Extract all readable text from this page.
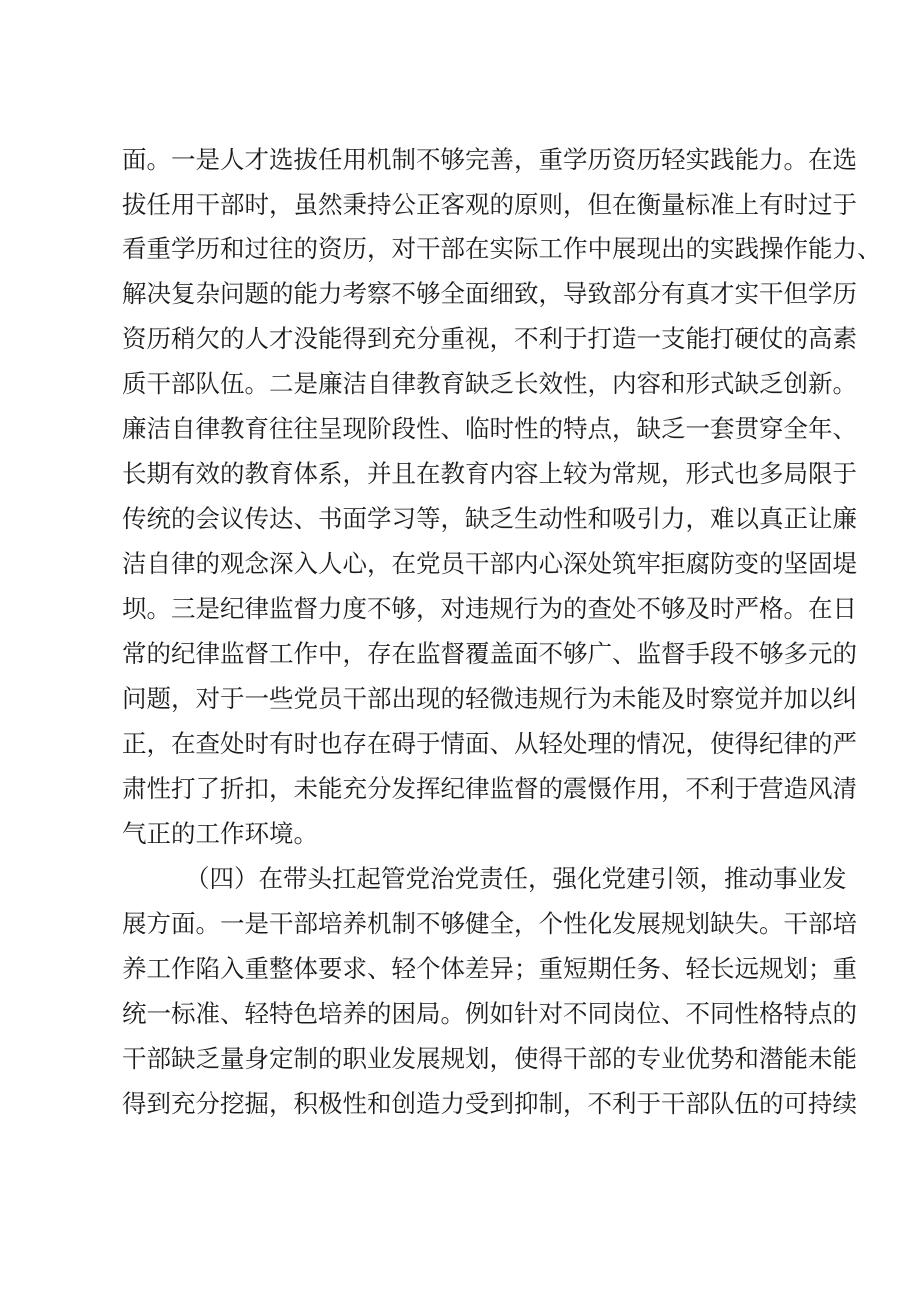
面。一是人才选拔任用机制不够完善，重学历资历轻实践能力。在选
拔任用干部时，虽然秉持公正客观的原则，但在衡量标准上有时过于
看重学历和过往的资历，对干部在实际工作中展现出的实践操作能力、
解决复杂问题的能力考察不够全面细致，导致部分有真才实干但学历
资历稍欠的人才没能得到充分重视，不利于打造一支能打硬仗的高素
质干部队伍。二是廉洁自律教育缺乏长效性，内容和形式缺乏创新。
廉洁自律教育往往呈现阶段性、临时性的特点，缺乏一套贯穿全年、
长期有效的教育体系，并且在教育内容上较为常规，形式也多局限于
传统的会议传达、书面学习等，缺乏生动性和吸引力，难以真正让廉
洁自律的观念深入人心，在党员干部内心深处筑牢拒腐防变的坚固堤
坝。三是纪律监督力度不够，对违规行为的查处不够及时严格。在日
常的纪律监督工作中，存在监督覆盖面不够广、监督手段不够多元的
问题，对于一些党员干部出现的轻微违规行为未能及时察觉并加以纠
正，在查处时有时也存在碍于情面、从轻处理的情况，使得纪律的严
肃性打了折扣，未能充分发挥纪律监督的震慑作用，不利于营造风清
气正的工作环境。
（四）在带头扛起管党治党责任，强化党建引领，推动事业发
展方面。一是干部培养机制不够健全，个性化发展规划缺失。干部培
养工作陷入重整体要求、轻个体差异；重短期任务、轻长远规划；重
统一标准、轻特色培养的困局。例如针对不同岗位、不同性格特点的
干部缺乏量身定制的职业发展规划，使得干部的专业优势和潜能未能
得到充分挖掘，积极性和创造力受到抑制，不利于干部队伍的可持续
